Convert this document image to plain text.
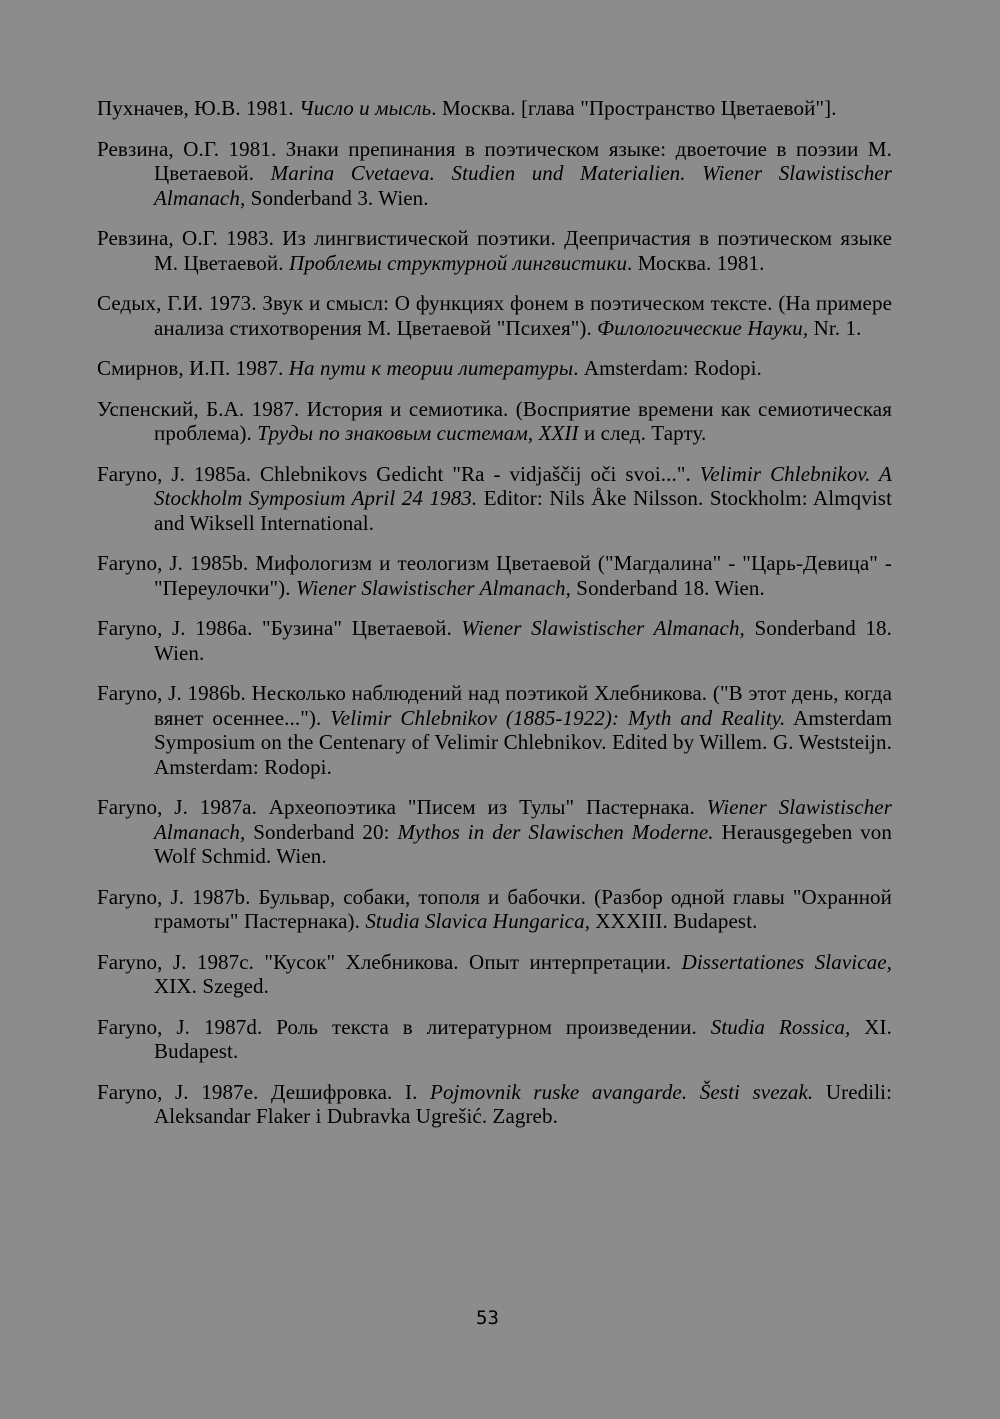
Пухначев, Ю.В. 1981. Число и мысль. Москва. [глава "Пространство Цветаевой"].

Ревзина, О.Г. 1981. Знаки препинания в поэтическом языке: двоеточие в поэзии М. Цветаевой. Marina Cvetaeva. Studien und Materialien. Wiener Slawistischer Almanach, Sonderband 3. Wien.

Ревзина, О.Г. 1983. Из лингвистической поэтики. Деепричастия в поэтическом языке М. Цветаевой. Проблемы структурной лингвистики. Москва. 1981.

Седых, Г.И. 1973. Звук и смысл: О функциях фонем в поэтическом тексте. (На примере анализа стихотворения М. Цветаевой "Психея"). Филологические Науки, Nr. 1.

Смирнов, И.П. 1987. На пути к теории литературы. Amsterdam: Rodopi.

Успенский, Б.А. 1987. История и семиотика. (Восприятие времени как семиотическая проблема). Труды по знаковым системам, XXII и след. Тарту.

Faryno, J. 1985a. Chlebnikovs Gedicht "Ra - vidjaščij oči svoi...". Velimir Chlebnikov. A Stockholm Symposium April 24 1983. Editor: Nils Åke Nilsson. Stockholm: Almqvist and Wiksell International.

Faryno, J. 1985b. Мифологизм и теологизм Цветаевой ("Магдалина" - "Царь-Девица" - "Переулочки"). Wiener Slawistischer Almanach, Sonderband 18. Wien.

Faryno, J. 1986a. "Бузина" Цветаевой. Wiener Slawistischer Almanach, Sonderband 18. Wien.

Faryno, J. 1986b. Несколько наблюдений над поэтикой Хлебникова. ("В этот день, когда вянет осеннее..."). Velimir Chlebnikov (1885-1922): Myth and Reality. Amsterdam Symposium on the Centenary of Velimir Chlebnikov. Edited by Willem. G. Weststeijn. Amsterdam: Rodopi.

Faryno, J. 1987a. Археопоэтика "Писем из Тулы" Пастернака. Wiener Slawistischer Almanach, Sonderband 20: Mythos in der Slawischen Moderne. Herausgegeben von Wolf Schmid. Wien.

Faryno, J. 1987b. Бульвар, собаки, тополя и бабочки. (Разбор одной главы "Охранной грамоты" Пастернака). Studia Slavica Hungarica, XXXIII. Budapest.

Faryno, J. 1987c. "Кусок" Хлебникова. Опыт интерпретации. Dissertationes Slavicae, XIX. Szeged.

Faryno, J. 1987d. Роль текста в литературном произведении. Studia Rossica, XI. Budapest.

Faryno, J. 1987e. Дешифровка. I. Pojmovnik ruske avangarde. Šesti svezak. Uredili: Aleksandar Flaker i Dubravka Ugrešić. Zagreb.

53
